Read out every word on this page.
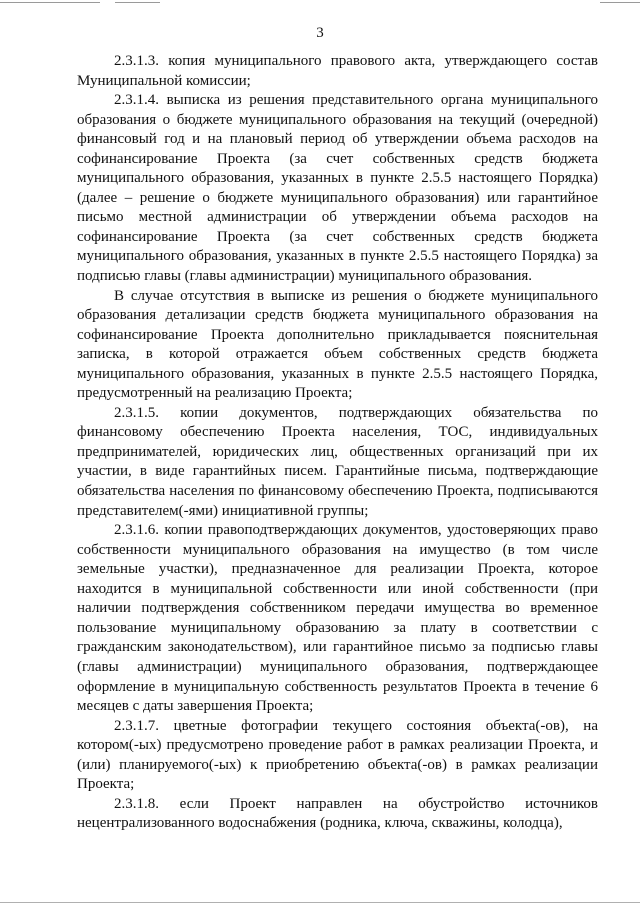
3

2.3.1.3. копия муниципального правового акта, утверждающего состав Муниципальной комиссии;

2.3.1.4. выписка из решения представительного органа муниципального образования о бюджете муниципального образования на текущий (очередной) финансовый год и на плановый период об утверждении объема расходов на софинансирование Проекта (за счет собственных средств бюджета муниципального образования, указанных в пункте 2.5.5 настоящего Порядка) (далее – решение о бюджете муниципального образования) или гарантийное письмо местной администрации об утверждении объема расходов на софинансирование Проекта (за счет собственных средств бюджета муниципального образования, указанных в пункте 2.5.5 настоящего Порядка) за подписью главы (главы администрации) муниципального образования.

В случае отсутствия в выписке из решения о бюджете муниципального образования детализации средств бюджета муниципального образования на софинансирование Проекта дополнительно прикладывается пояснительная записка, в которой отражается объем собственных средств бюджета муниципального образования, указанных в пункте 2.5.5 настоящего Порядка, предусмотренный на реализацию Проекта;

2.3.1.5. копии документов, подтверждающих обязательства по финансовому обеспечению Проекта населения, ТОС, индивидуальных предпринимателей, юридических лиц, общественных организаций при их участии, в виде гарантийных писем. Гарантийные письма, подтверждающие обязательства населения по финансовому обеспечению Проекта, подписываются представителем(-ями) инициативной группы;

2.3.1.6. копии правоподтверждающих документов, удостоверяющих право собственности муниципального образования на имущество (в том числе земельные участки), предназначенное для реализации Проекта, которое находится в муниципальной собственности или иной собственности (при наличии подтверждения собственником передачи имущества во временное пользование муниципальному образованию за плату в соответствии с гражданским законодательством), или гарантийное письмо за подписью главы (главы администрации) муниципального образования, подтверждающее оформление в муниципальную собственность результатов Проекта в течение 6 месяцев с даты завершения Проекта;

2.3.1.7. цветные фотографии текущего состояния объекта(-ов), на котором(-ых) предусмотрено проведение работ в рамках реализации Проекта, и (или) планируемого(-ых) к приобретению объекта(-ов) в рамках реализации Проекта;

2.3.1.8. если Проект направлен на обустройство источников нецентрализованного водоснабжения (родника, ключа, скважины, колодца),
